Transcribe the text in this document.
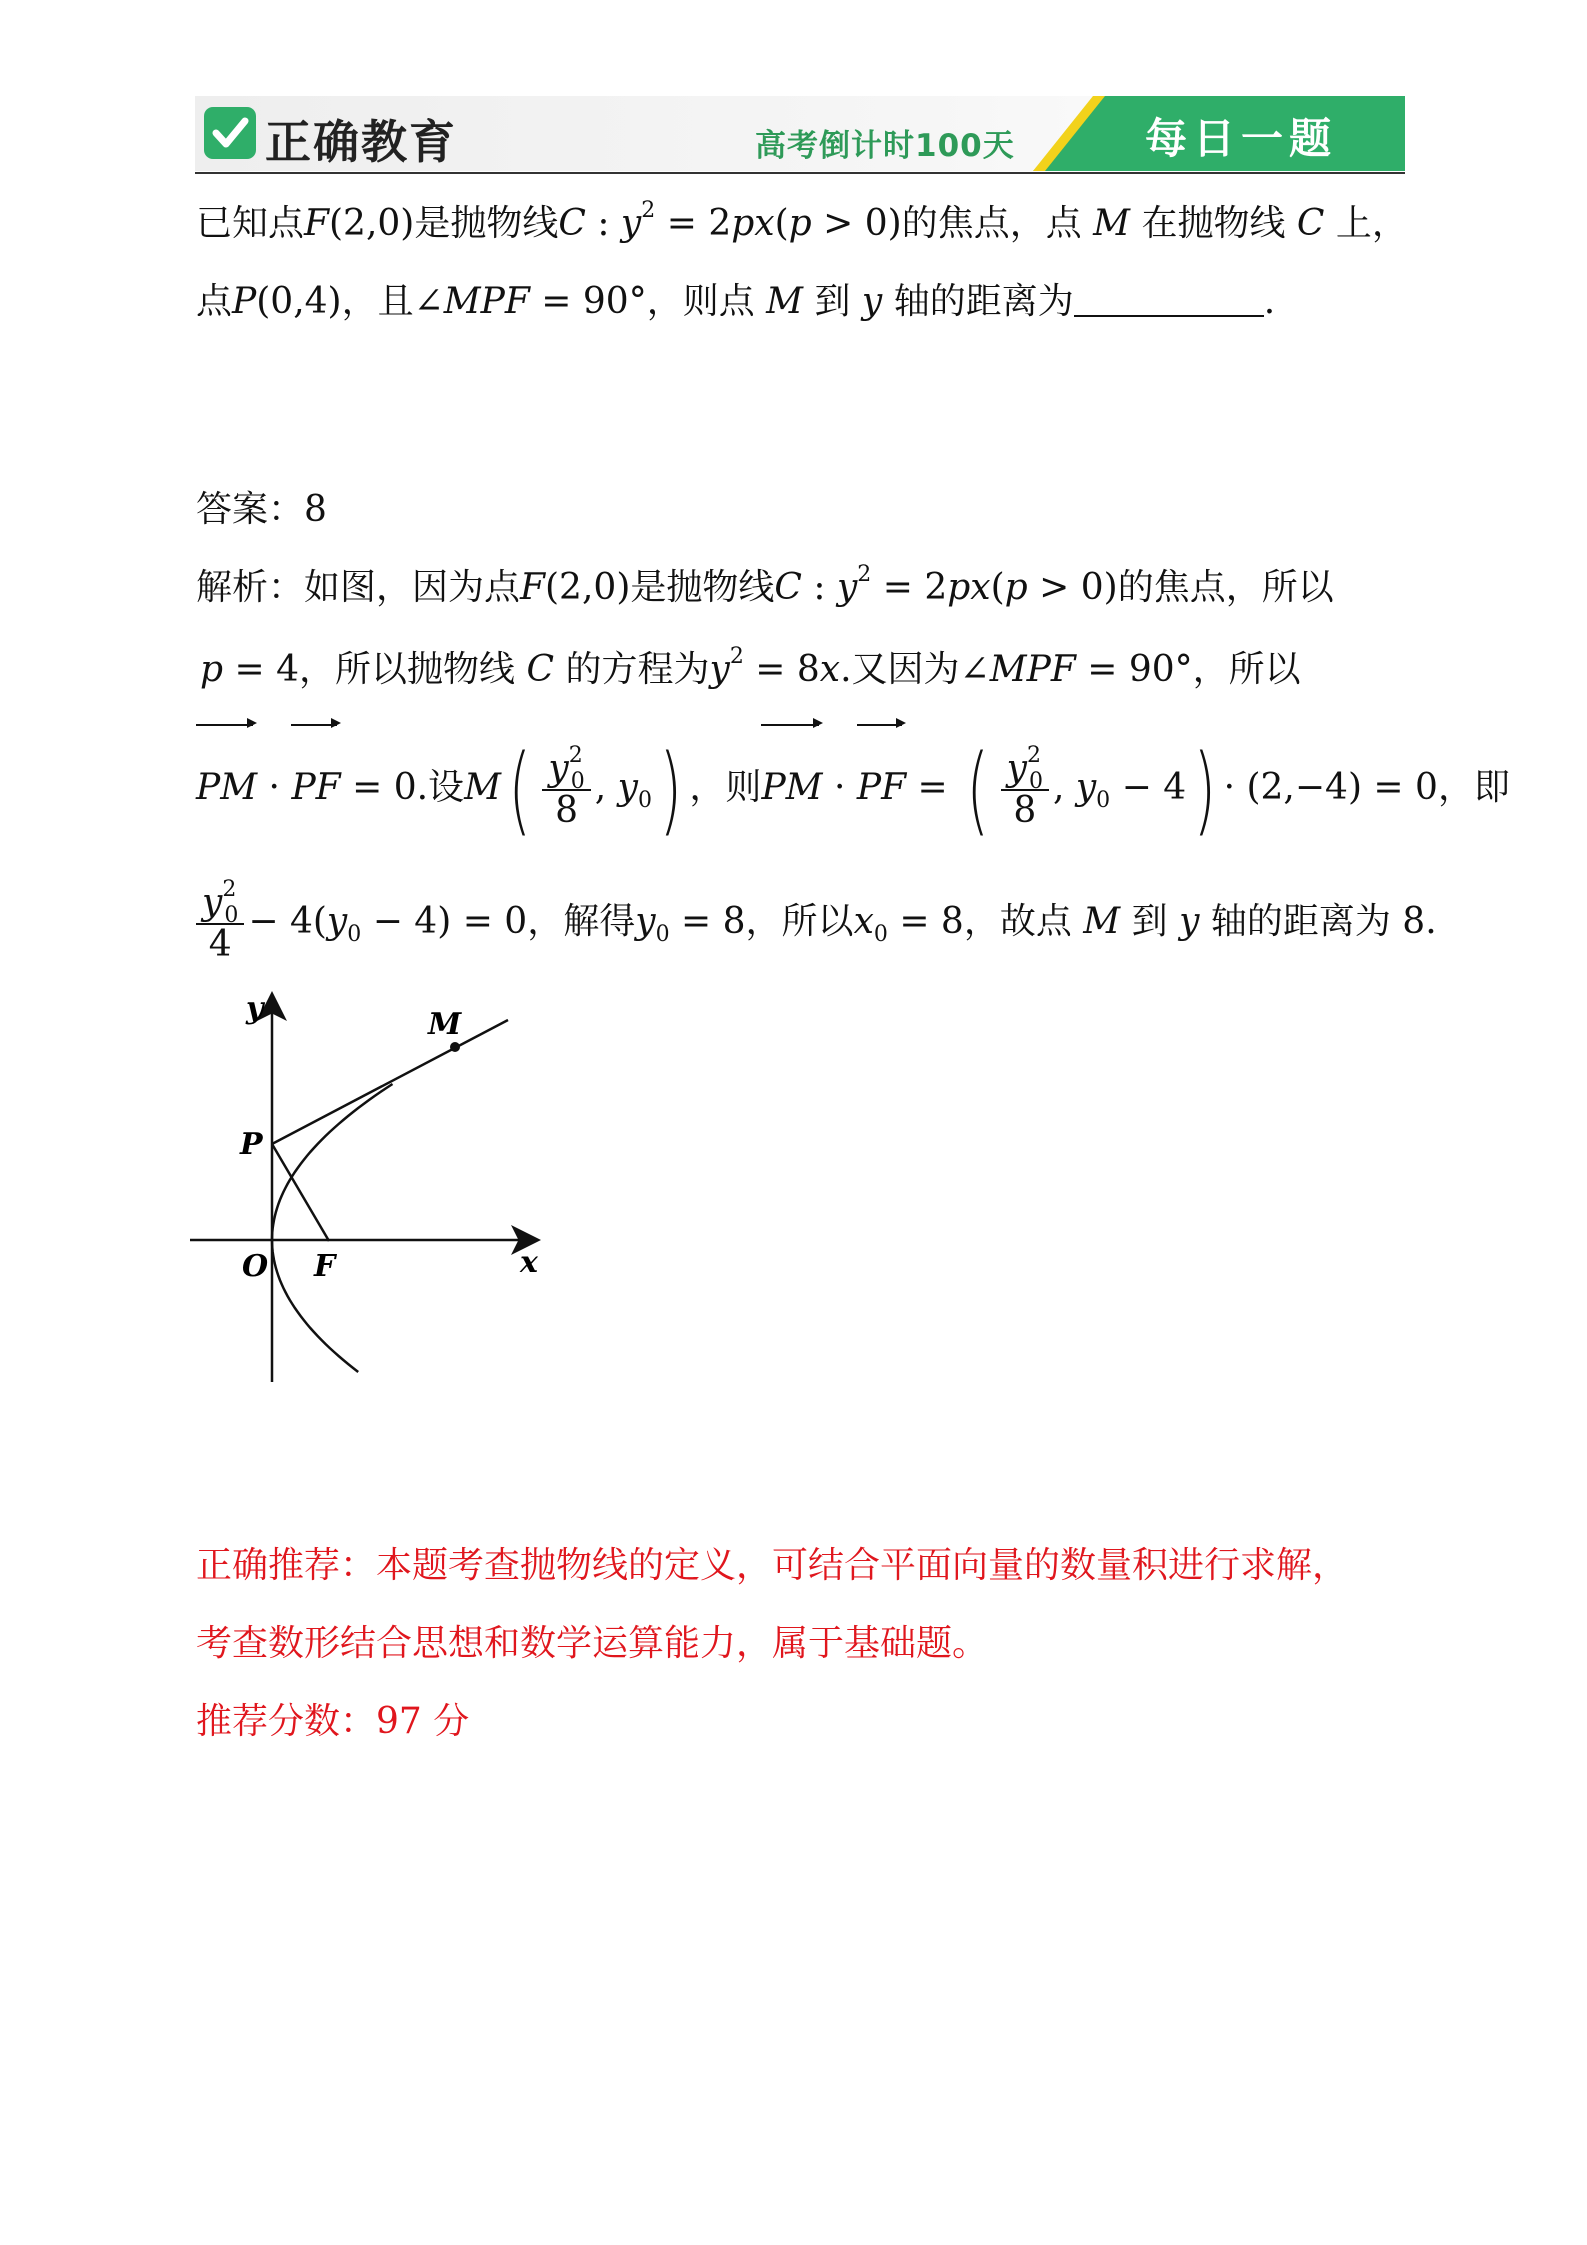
正确教育	高考倒计时100天	每日一题
已知点F(2,0)是抛物线C : $y^2 = 2px(p > 0)$的焦点，点 M 在抛物线 C 上，
点P(0,4)，且∠MPF = 90°，则点 M 到 y 轴的距离为	.
答案：8
解析：如图，因为点F(2,0)是抛物线C : $y^2 = 2px(p > 0)$的焦点，所以
p = 4，所以抛物线 C 的方程为$y^2 = 8x$.又因为∠MPF = 90°，所以
PM · PF = 0.设$M( \frac{y^2_0}{8}$ , $y_0$) ，则PM · PF = ( $\frac{y^2_0}{8}$ , $y_0 - 4) \cdot (2,-4) = 0$，即
$\frac{y^2_0}{4} - 4(y_0 - 4) = 0$，解得$y_0 = 8$，所以$x_0 = 8$，故点 M 到 y 轴的距离为 8.
y
x
O
P
F
M
正确推荐：本题考查抛物线的定义，可结合平面向量的数量积进行求解，
考查数形结合思想和数学运算能力，属于基础题。
推荐分数：97 分
